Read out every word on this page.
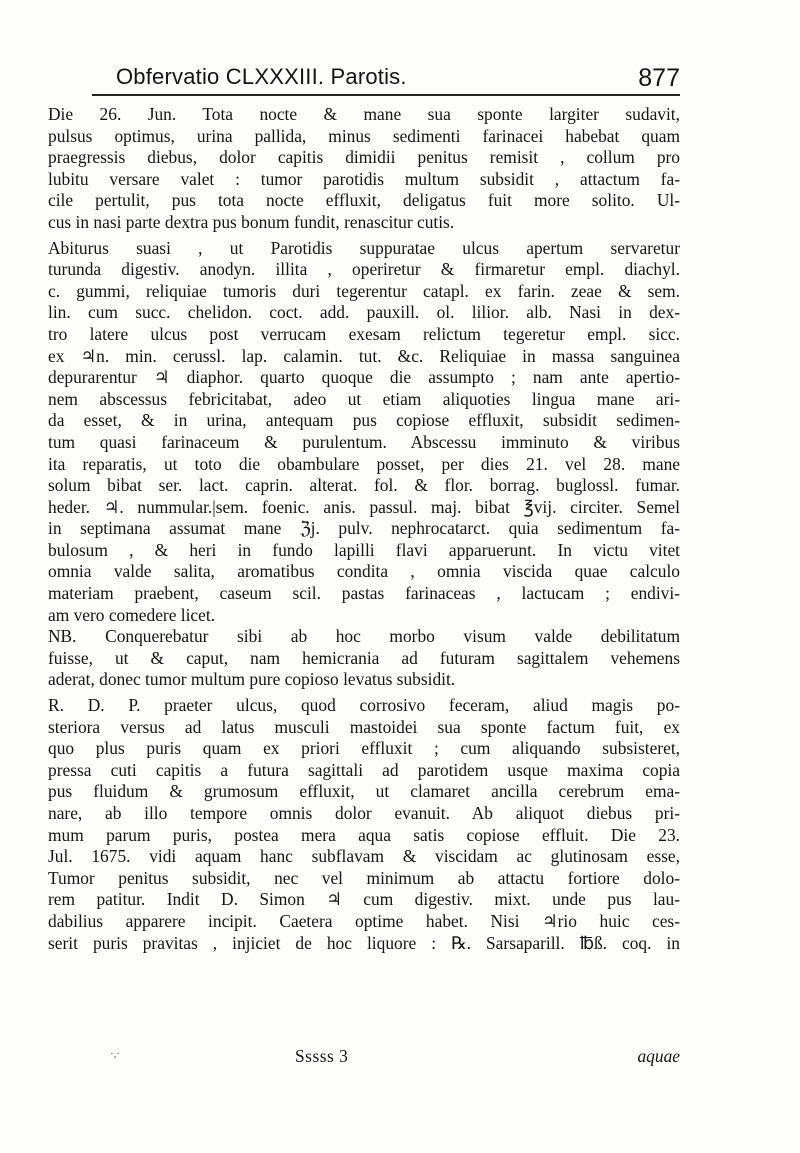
Obfervatio CLXXXIII. Parotis.	877
Die 26. Jun. Tota nocte & mane sua sponte largiter sudavit,
pulsus optimus, urina pallida, minus sedimenti farinacei habebat quam
praegressis diebus, dolor capitis dimidii penitus remisit , collum pro
lubitu versare valet : tumor parotidis multum subsidit , attactum fa-
cile pertulit, pus tota nocte effluxit, deligatus fuit more solito. Ul-
cus in nasi parte dextra pus bonum fundit, renascitur cutis.
Abiturus suasi , ut Parotidis suppuratae ulcus apertum servaretur
turunda digestiv. anodyn. illita , operiretur & firmaretur empl. diachyl.
c. gummi, reliquiae tumoris duri tegerentur catapl. ex farin. zeae & sem.
lin. cum succ. chelidon. coct. add. pauxill. ol. lilior. alb. Nasi in dex-
tro latere ulcus post verrucam exesam relictum tegeretur empl. sicc.
ex ♃n. min. cerussl. lap. calamin. tut. &c. Reliquiae in massa sanguinea
depurarentur ♃ diaphor. quarto quoque die assumpto ; nam ante apertio-
nem abscessus febricitabat, adeo ut etiam aliquoties lingua mane ari-
da esset, & in urina, antequam pus copiose effluxit, subsidit sedimen-
tum quasi farinaceum & purulentum. Abscessu imminuto & viribus
ita reparatis, ut toto die obambulare posset, per dies 21. vel 28. mane
solum bibat ser. lact. caprin. alterat. fol. & flor. borrag. buglossl. fumar.
heder. ♃. nummular.|sem. foenic. anis. passul. maj. bibat ℥vij. circiter. Semel
in septimana assumat mane ℨj. pulv. nephrocatarct. quia sedimentum fa-
bulosum , & heri in fundo lapilli flavi apparuerunt. In victu vitet
omnia valde salita, aromatibus condita , omnia viscida quae calculo
materiam praebent, caseum scil. pastas farinaceas , lactucam ; endivi-
am vero comedere licet.
NB. Conquerebatur sibi ab hoc morbo visum valde debilitatum
fuisse, ut & caput, nam hemicrania ad futuram sagittalem vehemens
aderat, donec tumor multum pure copioso levatus subsidit.
R. D. P. praeter ulcus, quod corrosivo feceram, aliud magis po-
steriora versus ad latus musculi mastoidei sua sponte factum fuit, ex
quo plus puris quam ex priori effluxit ; cum aliquando subsisteret,
pressa cuti capitis a futura sagittali ad parotidem usque maxima copia
pus fluidum & grumosum effluxit, ut clamaret ancilla cerebrum ema-
nare, ab illo tempore omnis dolor evanuit. Ab aliquot diebus pri-
mum parum puris, postea mera aqua satis copiose effluit. Die 23.
Jul. 1675. vidi aquam hanc subflavam & viscidam ac glutinosam esse,
Tumor penitus subsidit, nec vel minimum ab attactu fortiore dolo-
rem patitur. Indit D. Simon ♃ cum digestiv. mixt. unde pus lau-
dabilius apparere incipit. Caetera optime habet. Nisi ♃rio huic ces-
serit puris pravitas , injiciet de hoc liquore : ℞. Sarsaparill. ℔ß. coq. in
·,·	Sssss 3	aquae
